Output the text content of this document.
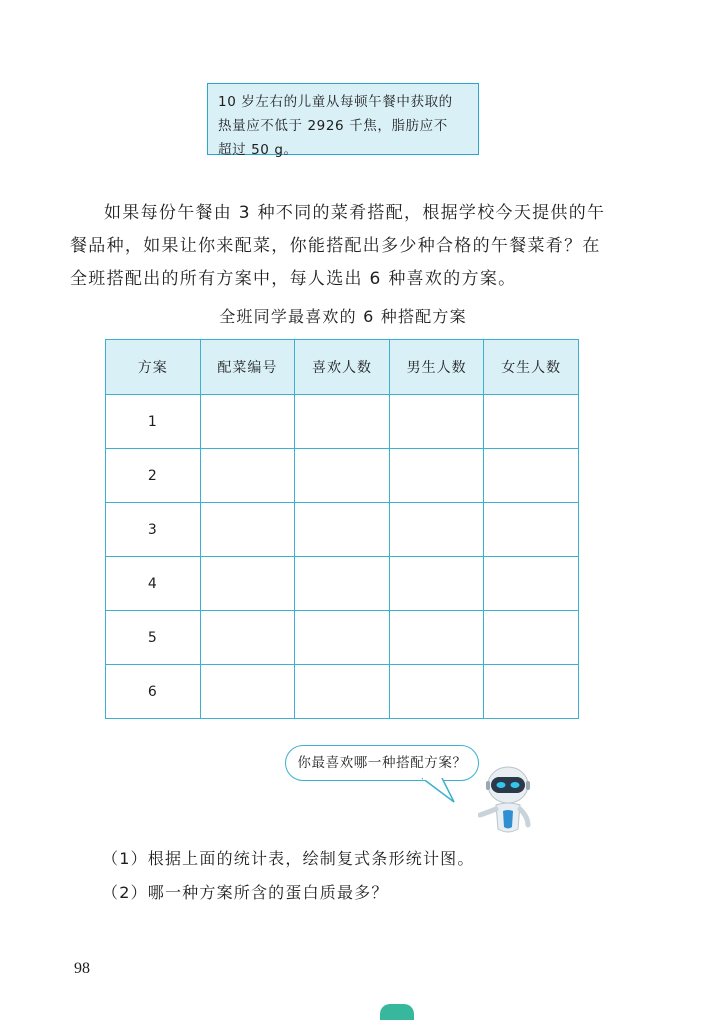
10 岁左右的儿童从每顿午餐中获取的
热量应不低于 2926 千焦，脂肪应不
超过 50 g。
如果每份午餐由 3 种不同的菜肴搭配，根据学校今天提供的午
餐品种，如果让你来配菜，你能搭配出多少种合格的午餐菜肴？在
全班搭配出的所有方案中，每人选出 6 种喜欢的方案。
全班同学最喜欢的 6 种搭配方案
方案	配菜编号	喜欢人数	男生人数	女生人数
1				
2				
3				
4				
5				
6				
你最喜欢哪一种搭配方案？
（1）根据上面的统计表，绘制复式条形统计图。
（2）哪一种方案所含的蛋白质最多？
98
